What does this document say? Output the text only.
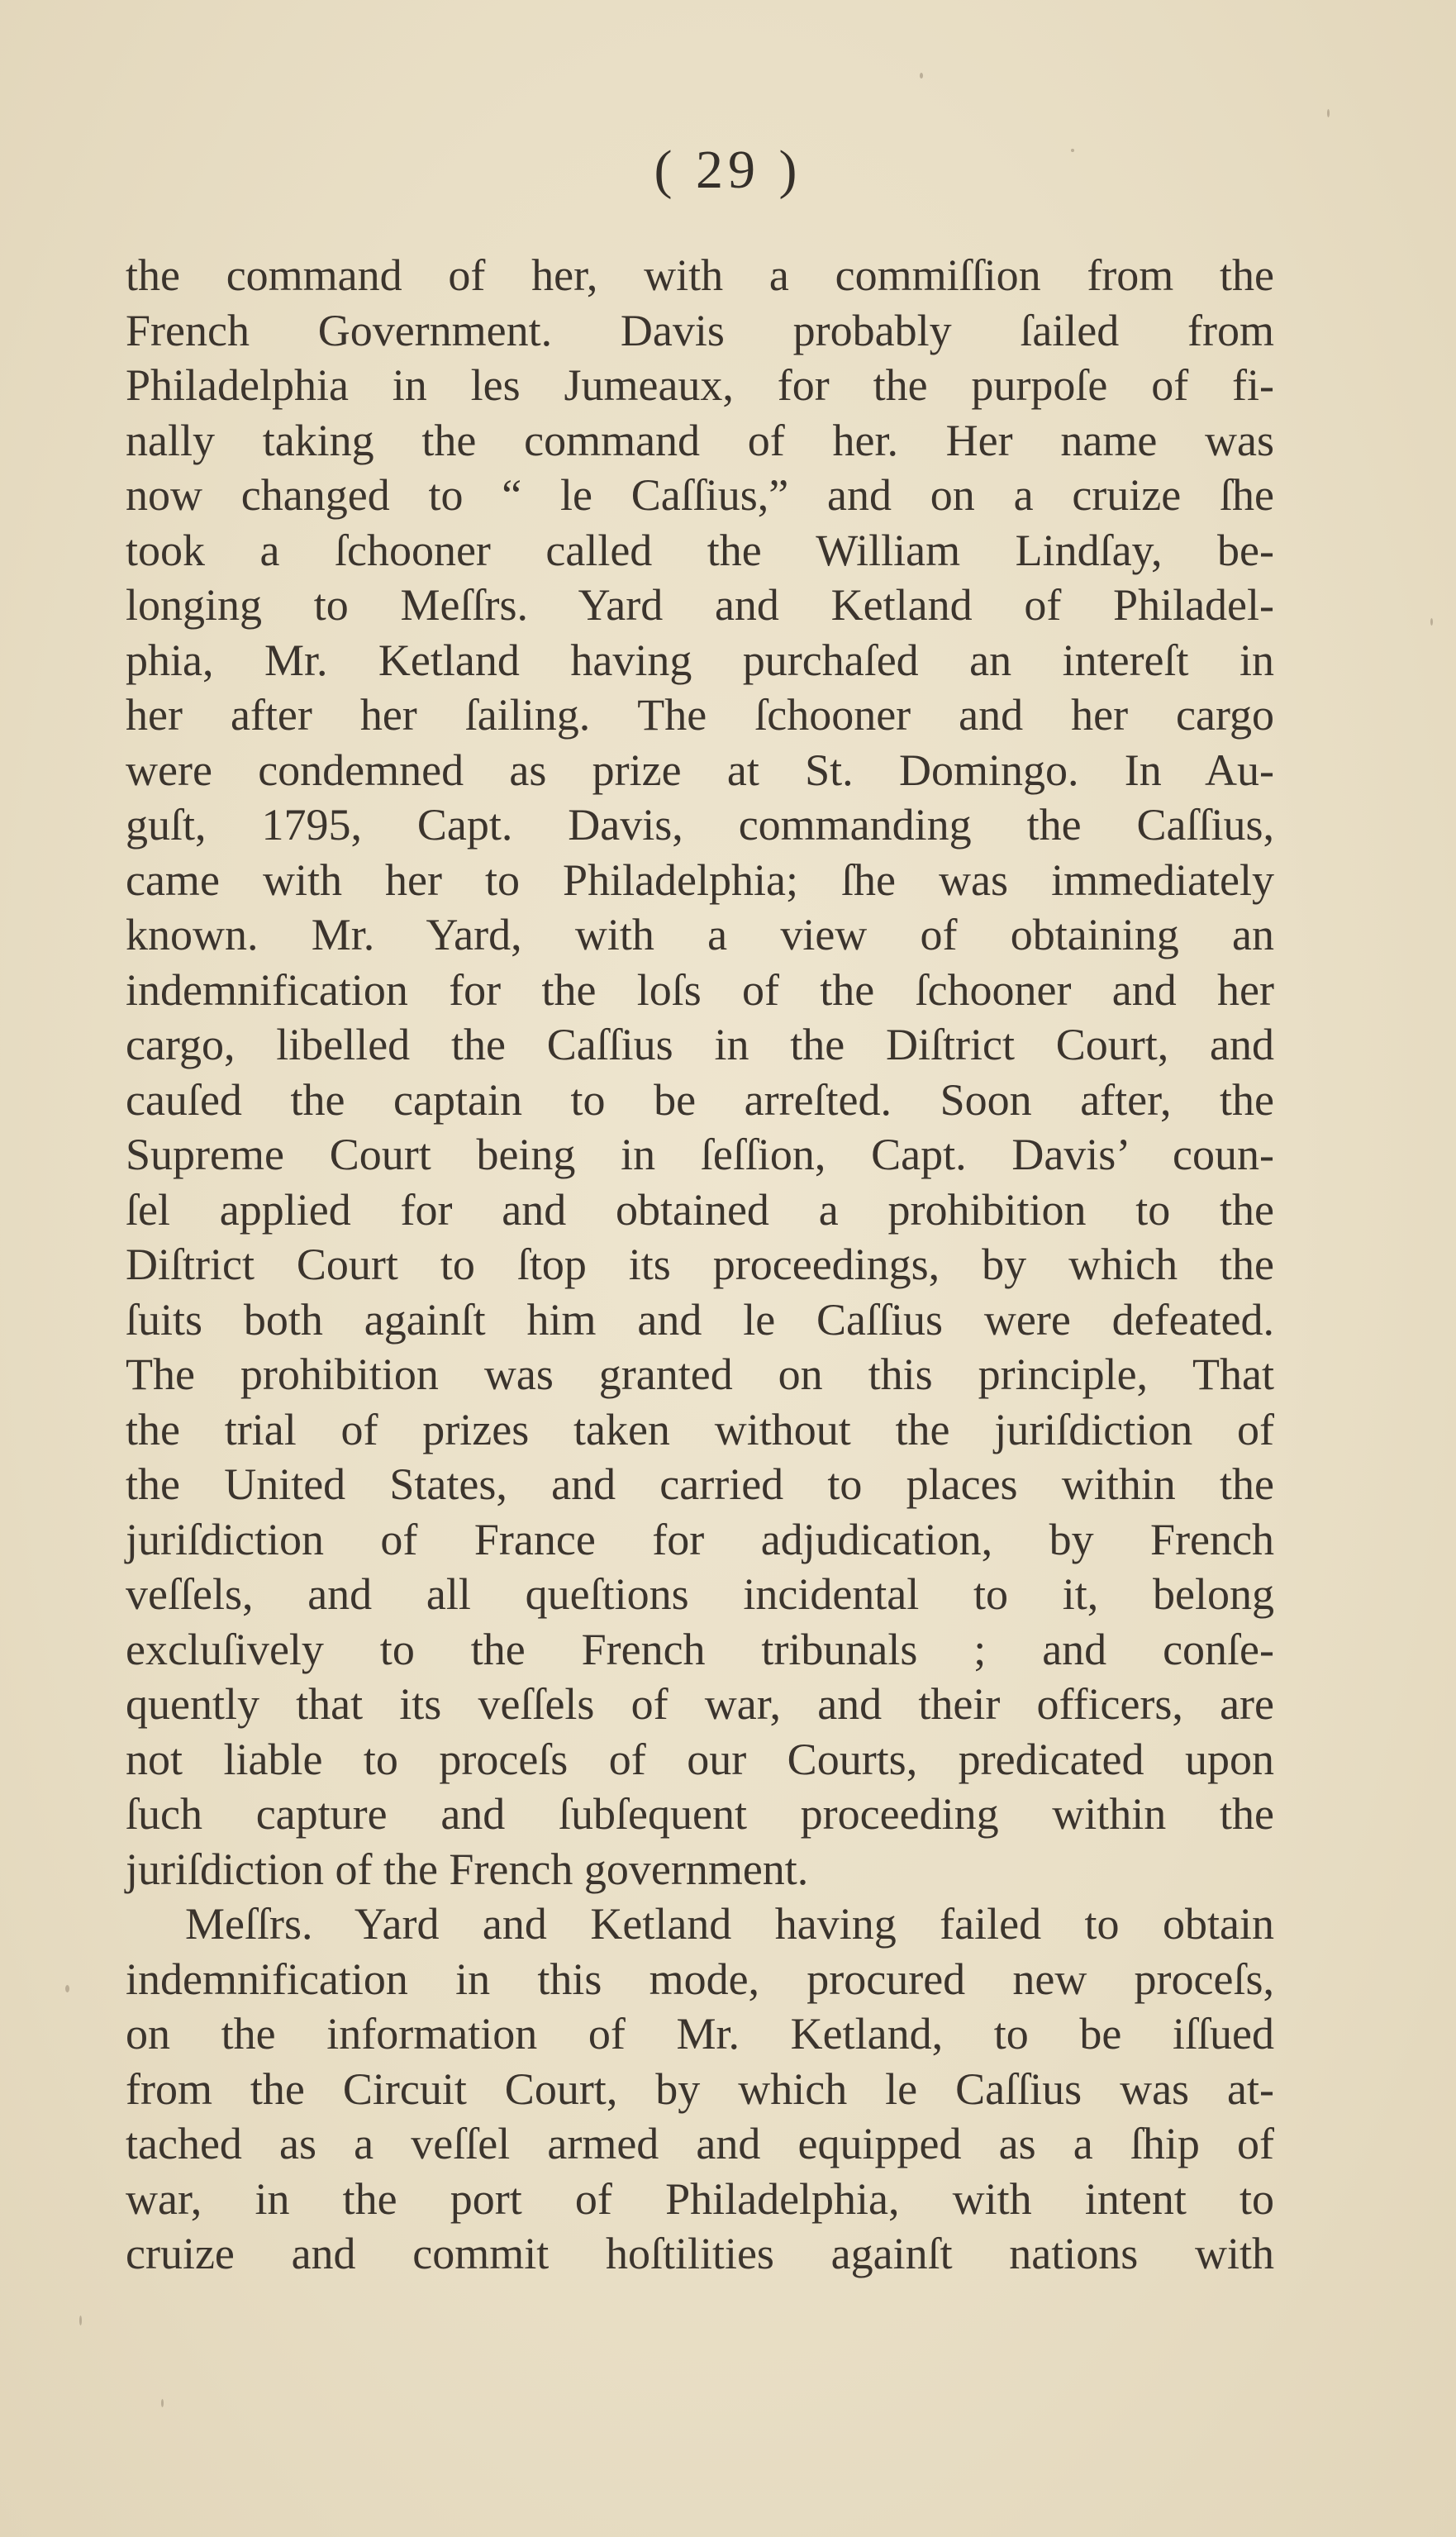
( 29 )
the command of her, with a commiſſion from the
French Government. Davis probably ſailed from
Philadelphia in les Jumeaux, for the purpoſe of fi-
nally taking the command of her. Her name was
now changed to “ le Caſſius,” and on a cruize ſhe
took a ſchooner called the William Lindſay, be-
longing to Meſſrs. Yard and Ketland of Philadel-
phia, Mr. Ketland having purchaſed an intereſt in
her after her ſailing. The ſchooner and her cargo
were condemned as prize at St. Domingo. In Au-
guſt, 1795, Capt. Davis, commanding the Caſſius,
came with her to Philadelphia; ſhe was immediately
known. Mr. Yard, with a view of obtaining an
indemnification for the loſs of the ſchooner and her
cargo, libelled the Caſſius in the Diſtrict Court, and
cauſed the captain to be arreſted. Soon after, the
Supreme Court being in ſeſſion, Capt. Davis’ coun-
ſel applied for and obtained a prohibition to the
Diſtrict Court to ſtop its proceedings, by which the
ſuits both againſt him and le Caſſius were defeated.
The prohibition was granted on this principle, That
the trial of prizes taken without the juriſdiction of
the United States, and carried to places within the
juriſdiction of France for adjudication, by French
veſſels, and all queſtions incidental to it, belong
excluſively to the French tribunals ; and conſe-
quently that its veſſels of war, and their officers, are
not liable to proceſs of our Courts, predicated upon
ſuch capture and ſubſequent proceeding within the
juriſdiction of the French government.
Meſſrs. Yard and Ketland having failed to obtain
indemnification in this mode, procured new proceſs,
on the information of Mr. Ketland, to be iſſued
from the Circuit Court, by which le Caſſius was at-
tached as a veſſel armed and equipped as a ſhip of
war, in the port of Philadelphia, with intent to
cruize and commit hoſtilities againſt nations with
